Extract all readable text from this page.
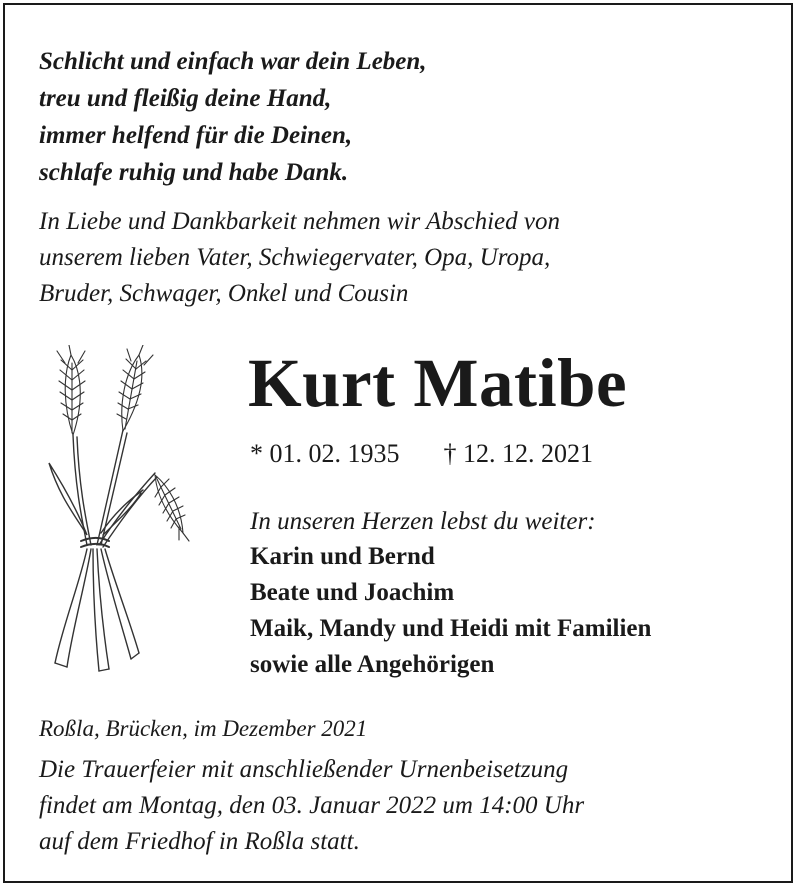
Schlicht und einfach war dein Leben,
treu und fleißig deine Hand,
immer helfend für die Deinen,
schlafe ruhig und habe Dank.
In Liebe und Dankbarkeit nehmen wir Abschied von
unserem lieben Vater, Schwiegervater, Opa, Uropa,
Bruder, Schwager, Onkel und Cousin
Kurt Matibe
* 01. 02. 1935 † 12. 12. 2021
In unseren Herzen lebst du weiter:
Karin und Bernd
Beate und Joachim
Maik, Mandy und Heidi mit Familien
sowie alle Angehörigen
Roßla, Brücken, im Dezember 2021
Die Trauerfeier mit anschließender Urnenbeisetzung
findet am Montag, den 03. Januar 2022 um 14:00 Uhr
auf dem Friedhof in Roßla statt.
